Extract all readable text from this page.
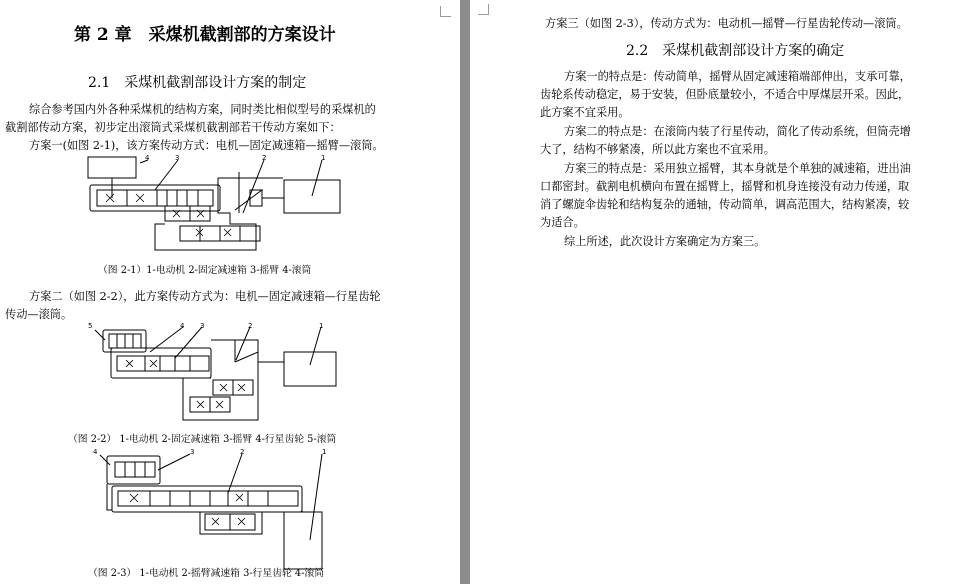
第 2 章　采煤机截割部的方案设计
2.1　采煤机截割部设计方案的制定
综合参考国内外各种采煤机的结构方案，同时类比相似型号的采煤机的
截割部传动方案，初步定出滚筒式采煤机截割部若干传动方案如下：
方案一(如图 2-1)，该方案传动方式：电机—固定减速箱—摇臂—滚筒。
4	3	2	1
（图 2-1）1-电动机 2-固定减速箱 3-摇臂 4-滚筒
方案二（如图 2-2），此方案传动方式为：电机—固定减速箱—行星齿轮
传动—滚筒。
5	4 3	2	1
（图 2-2） 1-电动机 2-固定减速箱 3-摇臂 4-行星齿轮 5-滚筒
4	3	2	1
（图 2-3） 1-电动机 2-摇臂减速箱 3-行星齿轮 4-滚筒
方案三（如图 2-3），传动方式为：电动机—摇臂—行星齿轮传动—滚筒。
2.2　采煤机截割部设计方案的确定
方案一的特点是：传动简单，摇臂从固定减速箱端部伸出，支承可靠，
齿轮系传动稳定，易于安装，但卧底量较小，不适合中厚煤层开采。因此，
此方案不宜采用。
方案二的特点是：在滚筒内装了行星传动，简化了传动系统，但筒壳增
大了，结构不够紧凑，所以此方案也不宜采用。
方案三的特点是：采用独立摇臂，其本身就是个单独的减速箱，进出油
口都密封。截割电机横向布置在摇臂上，摇臂和机身连接没有动力传递，取
消了螺旋伞齿轮和结构复杂的通轴，传动简单，调高范围大，结构紧凑，较
为适合。
综上所述，此次设计方案确定为方案三。
